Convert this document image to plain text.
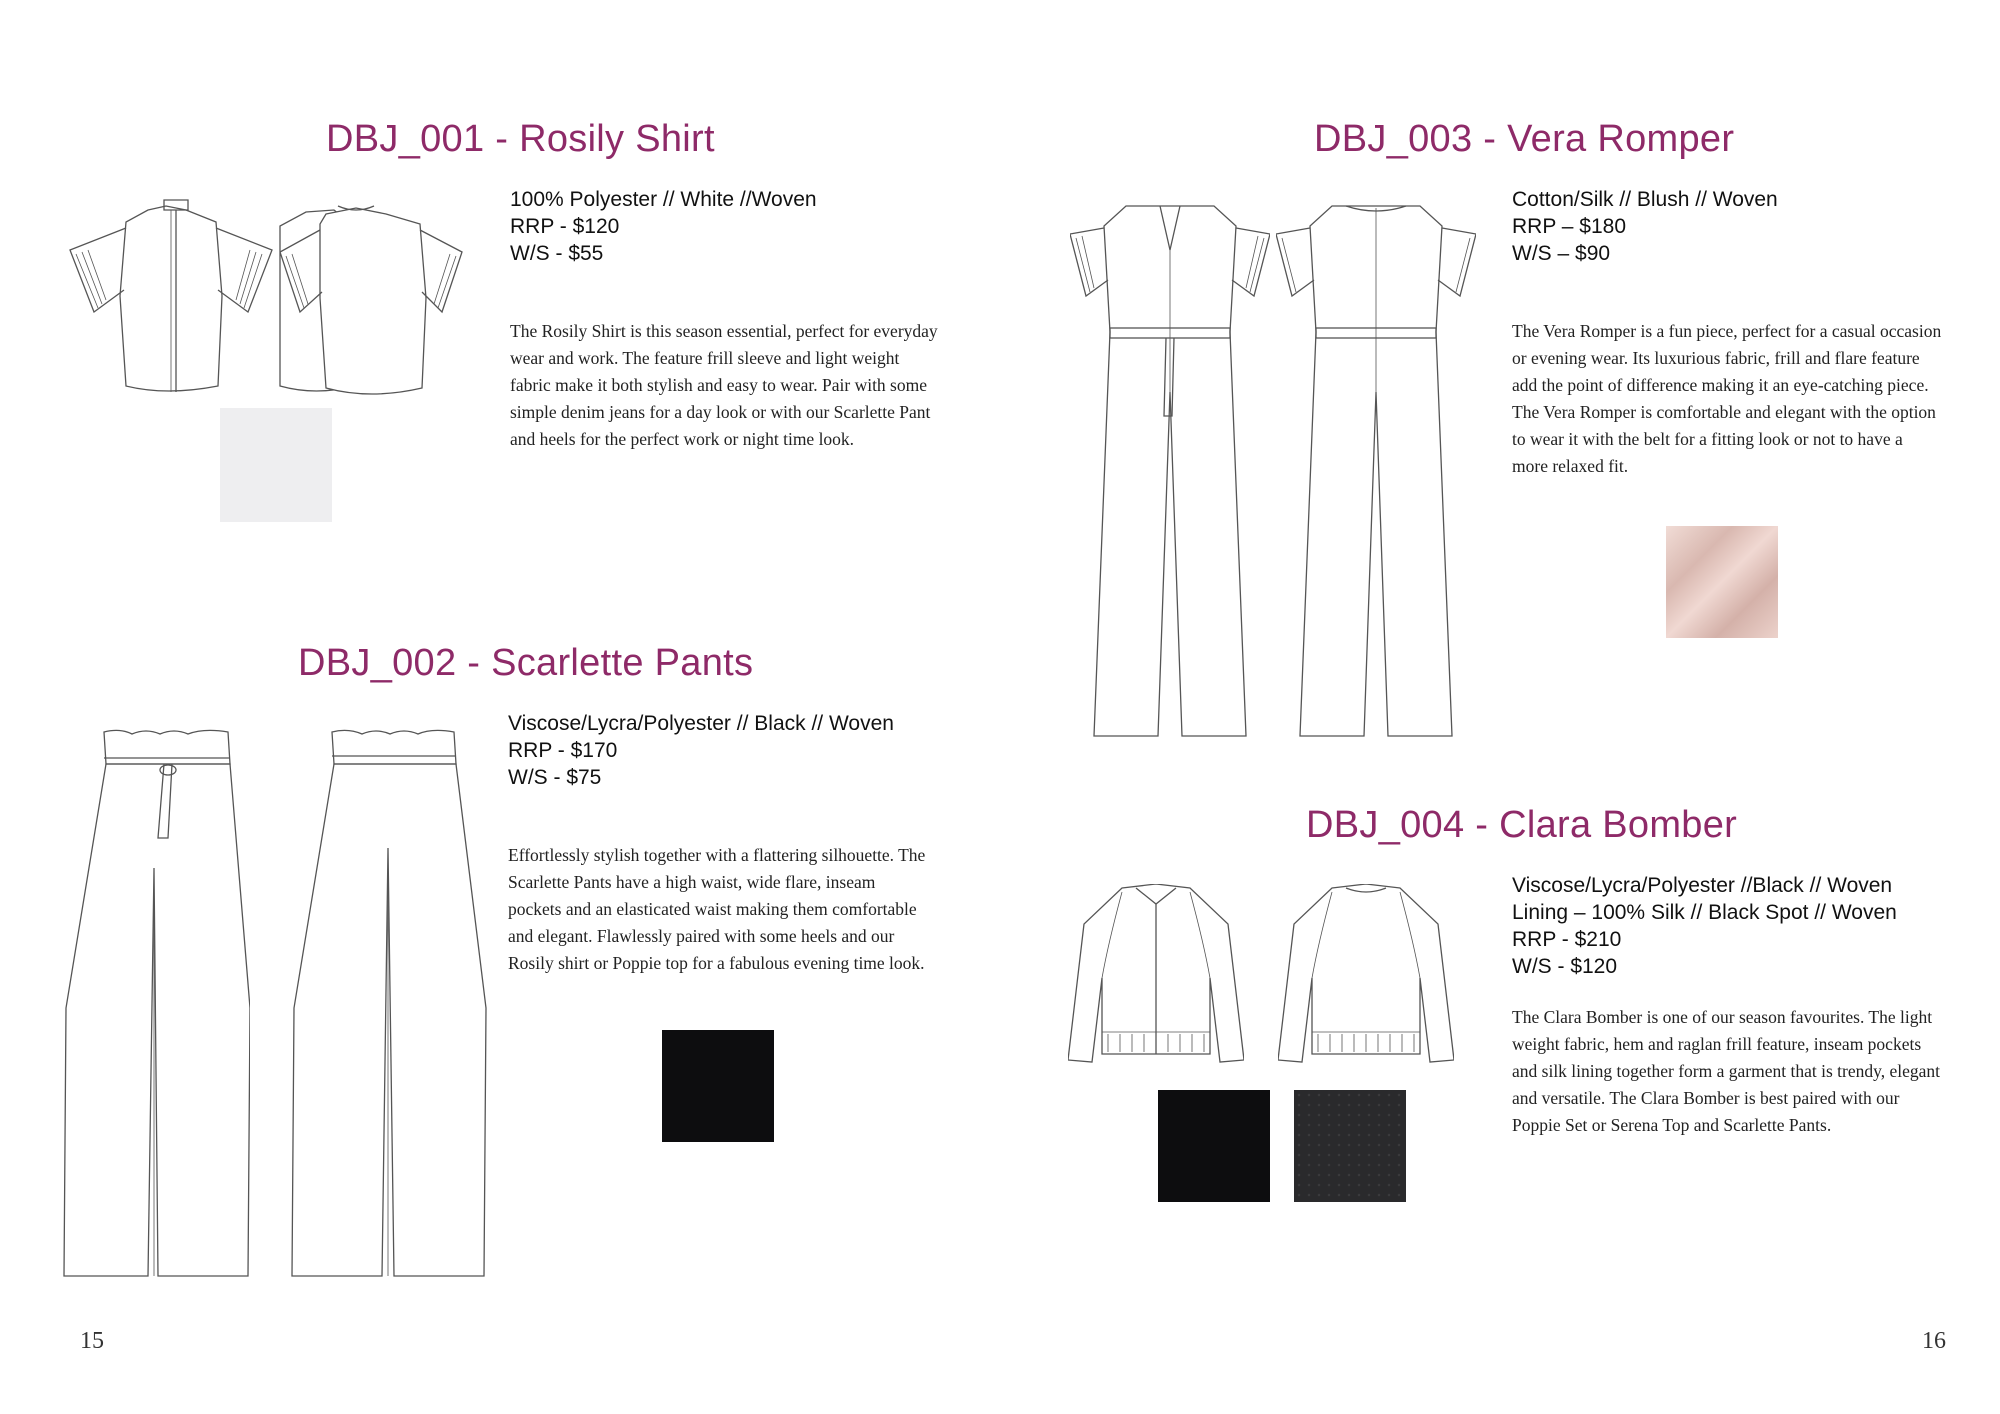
DBJ_001 - Rosily Shirt
100% Polyester // White //Woven
RRP - $120
W/S - $55

The Rosily Shirt is this season essential, perfect for everyday wear and work. The feature frill sleeve and light weight fabric make it both stylish and easy to wear. Pair with some simple denim jeans for a day look or with our Scarlette Pant and heels for the perfect work or night time look.

DBJ_002 - Scarlette Pants
Viscose/Lycra/Polyester // Black // Woven
RRP - $170
W/S - $75

Effortlessly stylish together with a flattering silhouette. The Scarlette Pants have a high waist, wide flare, inseam pockets and an elasticated waist making them comfortable and elegant. Flawlessly paired with some heels and our Rosily shirt or Poppie top for a fabulous evening time look.

15
DBJ_003 - Vera Romper
Cotton/Silk // Blush // Woven
RRP – $180
W/S – $90

The Vera Romper is a fun piece, perfect for a casual occasion or evening wear. Its luxurious fabric, frill and flare feature add the point of difference making it an eye-catching piece. The Vera Romper is comfortable and elegant with the option to wear it with the belt for a fitting look or not to have a more relaxed fit.

DBJ_004 - Clara Bomber
Viscose/Lycra/Polyester //Black // Woven
Lining – 100% Silk // Black Spot // Woven
RRP - $210
W/S - $120

The Clara Bomber is one of our season favourites. The light weight fabric, hem and raglan frill feature, inseam pockets and silk lining together form a garment that is trendy, elegant and versatile. The Clara Bomber is best paired with our Poppie Set or Serena Top and Scarlette Pants.

16
